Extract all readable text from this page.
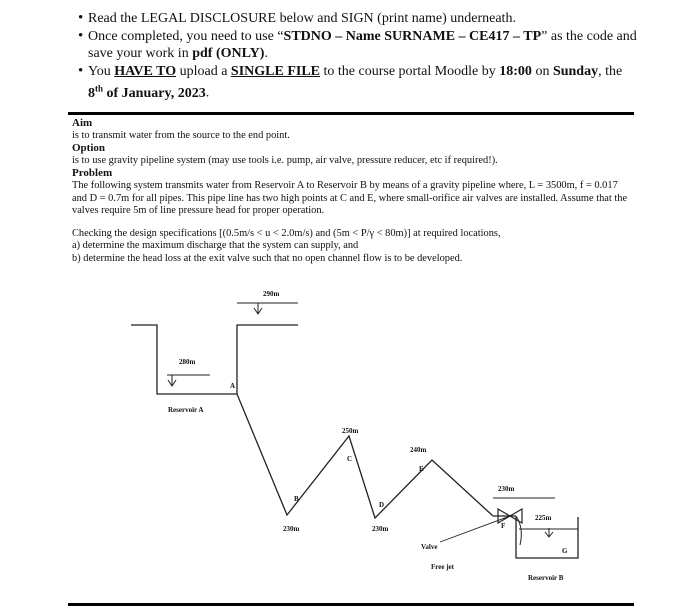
• Read the LEGAL DISCLOSURE below and SIGN (print name) underneath.
• Once completed, you need to use “STDNO – Name SURNAME – CE417 – TP” as the code and save your work in pdf (ONLY).
• You HAVE TO upload a SINGLE FILE to the course portal Moodle by 18:00 on Sunday, the 8th of January, 2023.
Aim
is to transmit water from the source to the end point.
Option
is to use gravity pipeline system (may use tools i.e. pump, air valve, pressure reducer, etc if required!).
Problem
The following system transmits water from Reservoir A to Reservoir B by means of a gravity pipeline where, L = 3500m, f = 0.017 and D = 0.7m for all pipes. This pipe line has two high points at C and E, where small-orifice air valves are installed. Assume that the valves require 5m of line pressure head for proper operation.
Checking the design specifications [(0.5m/s < u < 2.0m/s) and (5m < P/γ < 80m)] at required locations,
a) determine the maximum discharge that the system can supply, and
b) determine the head loss at the exit valve such that no open channel flow is to be developed.
290m
280m
A
Reservoir A
250m
C
240m
E
B
230m
D
230m
230m
225m
F
G
Valve
Free jet
Reservoir B
